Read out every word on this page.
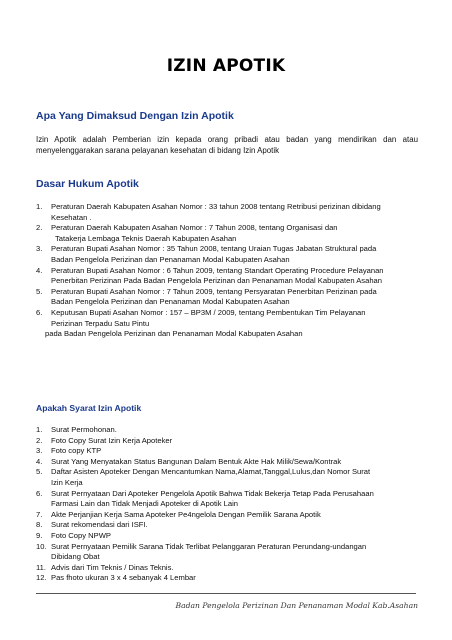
IZIN APOTIK
Apa Yang Dimaksud Dengan Izin Apotik

Izin Apotik adalah Pemberian izin kepada orang pribadi atau badan yang mendirikan dan atau menyelenggarakan sarana pelayanan kesehatan di bidang Izin Apotik

Dasar Hukum Apotik
1. Peraturan Daerah Kabupaten Asahan Nomor : 33 tahun 2008 tentang Retribusi perizinan dibidang
Kesehatan .
2. Peraturan Daerah Kabupaten Asahan Nomor : 7 Tahun 2008, tentang Organisasi dan
Tatakerja Lembaga Teknis Daerah Kabupaten Asahan
3. Peraturan Bupati Asahan Nomor : 35 Tahun 2008, tentang Uraian Tugas Jabatan Struktural pada
Badan Pengelola Perizinan dan Penanaman Modal Kabupaten Asahan
4. Peraturan Bupati Asahan Nomor : 6 Tahun 2009, tentang Standart Operating Procedure Pelayanan
Penerbitan Perizinan Pada Badan Pengelola Perizinan dan Penanaman Modal Kabupaten Asahan
5. Peraturan Bupati Asahan Nomor : 7 Tahun 2009, tentang Persyaratan Penerbitan Perizinan pada
Badan Pengelola Perizinan dan Penanaman Modal Kabupaten Asahan
6. Keputusan Bupati Asahan Nomor : 157 – BP3M / 2009, tentang Pembentukan Tim Pelayanan
Perizinan Terpadu Satu Pintu
pada Badan Pengelola Perizinan dan Penanaman Modal Kabupaten Asahan
Apakah Syarat Izin Apotik
1. Surat Permohonan.
2. Foto Copy Surat Izin Kerja Apoteker
3. Foto copy KTP
4. Surat Yang Menyatakan Status Bangunan Dalam Bentuk Akte Hak Milik/Sewa/Kontrak
5. Daftar Asisten Apoteker Dengan Mencantumkan Nama,Alamat,Tanggal,Lulus,dan Nomor Surat
Izin Kerja
6. Surat Pernyataan Dari Apoteker Pengelola Apotik Bahwa Tidak Bekerja Tetap Pada Perusahaan
Farmasi Lain dan Tidak Menjadi Apoteker di Apotik Lain
7. Akte Perjanjian Kerja Sama Apoteker Pe4ngelola Dengan Pemilik Sarana Apotik
8. Surat rekomendasi dari ISFI.
9. Foto Copy NPWP
10. Surat Pernyataan Pemilik Sarana Tidak Terlibat Pelanggaran Peraturan Perundang-undangan
Dibidang Obat
11. Advis dari Tim Teknis / Dinas Teknis.
12. Pas fhoto ukuran 3 x 4 sebanyak 4 Lembar
Badan Pengelola Perizinan Dan Penanaman Modal Kab.Asahan
